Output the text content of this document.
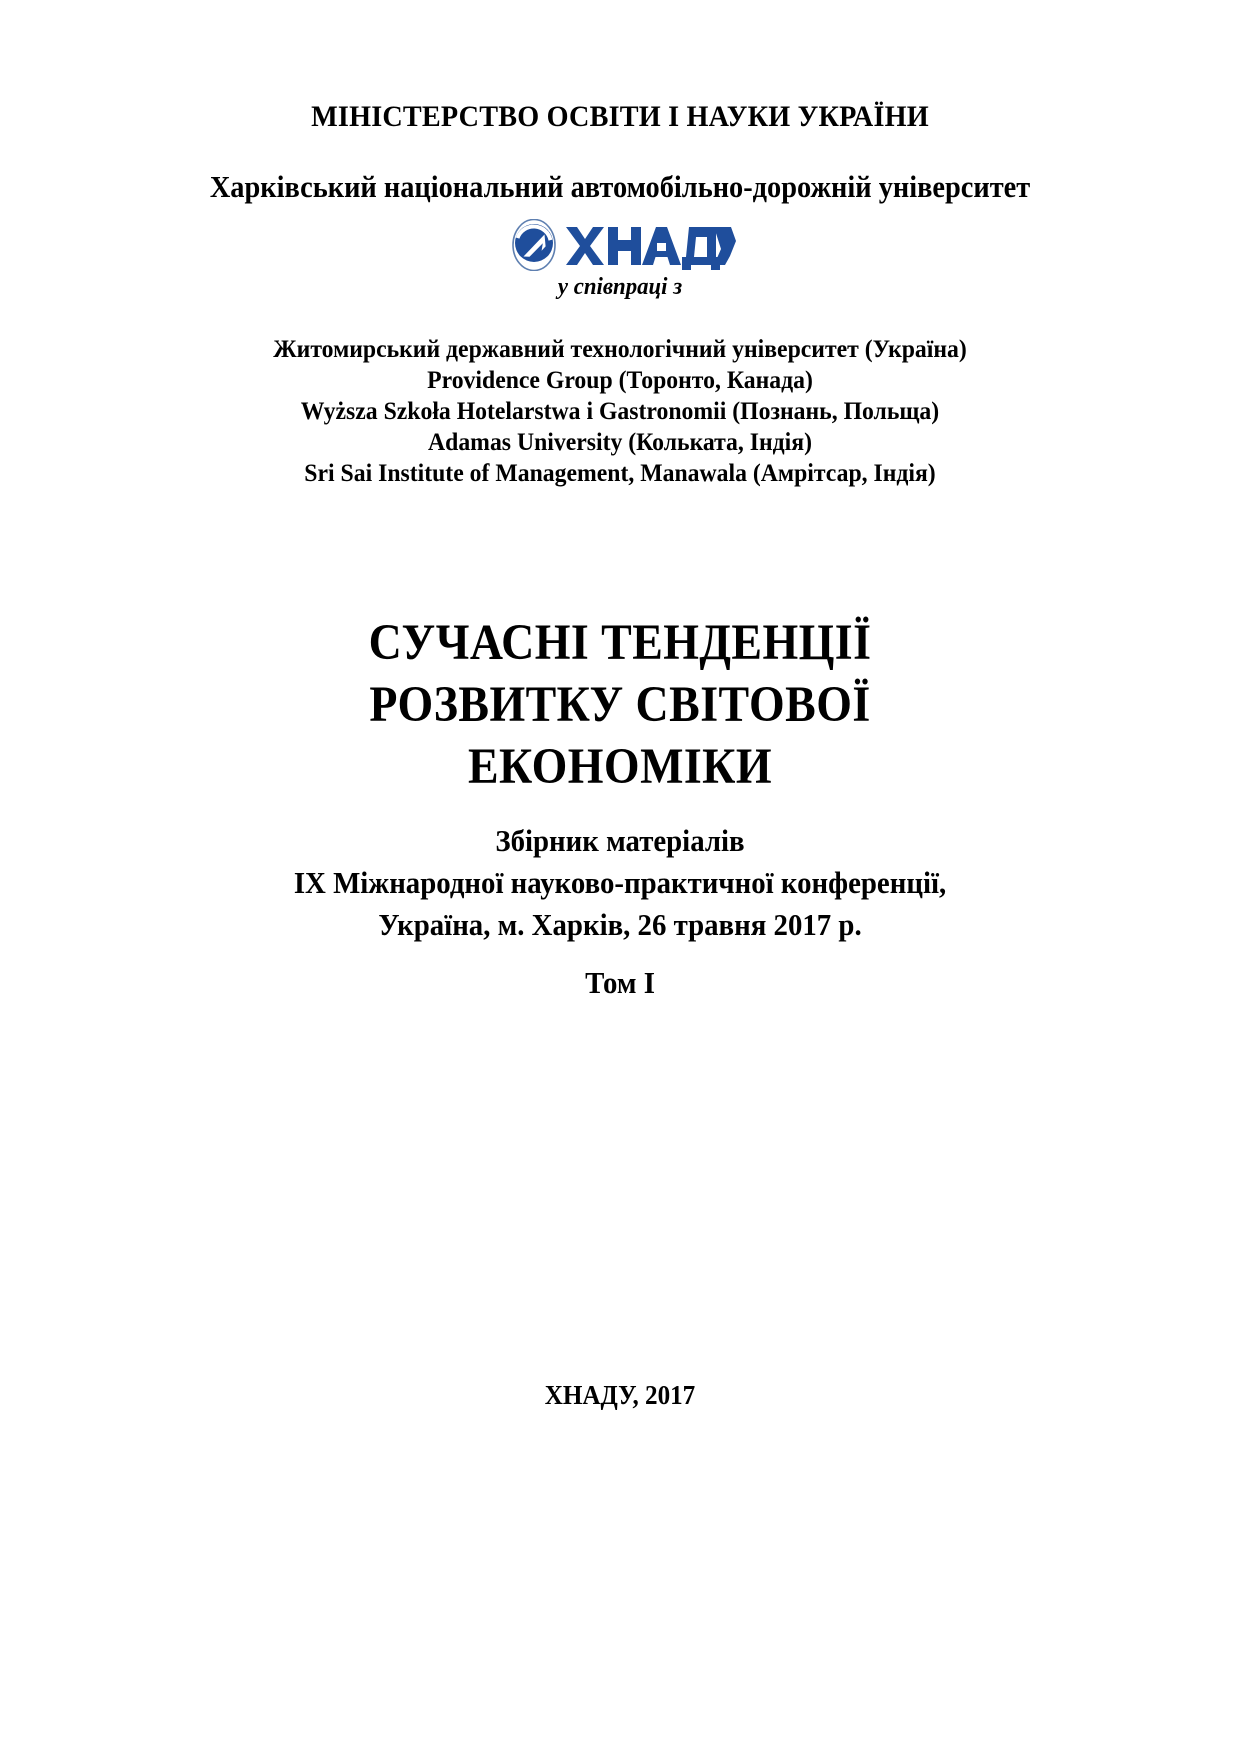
МІНІСТЕРСТВО ОСВІТИ І НАУКИ УКРАЇНИ
Харківський національний автомобільно-дорожній університет
у співпраці з
Житомирський державний технологічний університет (Україна)
Providence Group (Торонто, Канада)
Wyższa Szkoła Hotelarstwa i Gastronomii (Познань, Польща)
Adamas University (Кольката, Індія)
Sri Sai Institute of Management, Manawala (Амрітсар, Індія)
СУЧАСНІ ТЕНДЕНЦІЇ
РОЗВИТКУ СВІТОВОЇ
ЕКОНОМІКИ
Збірник матеріалів
IX Міжнародної науково-практичної конференції,
Україна, м. Харків, 26 травня 2017 р.
Том I
ХНАДУ, 2017
